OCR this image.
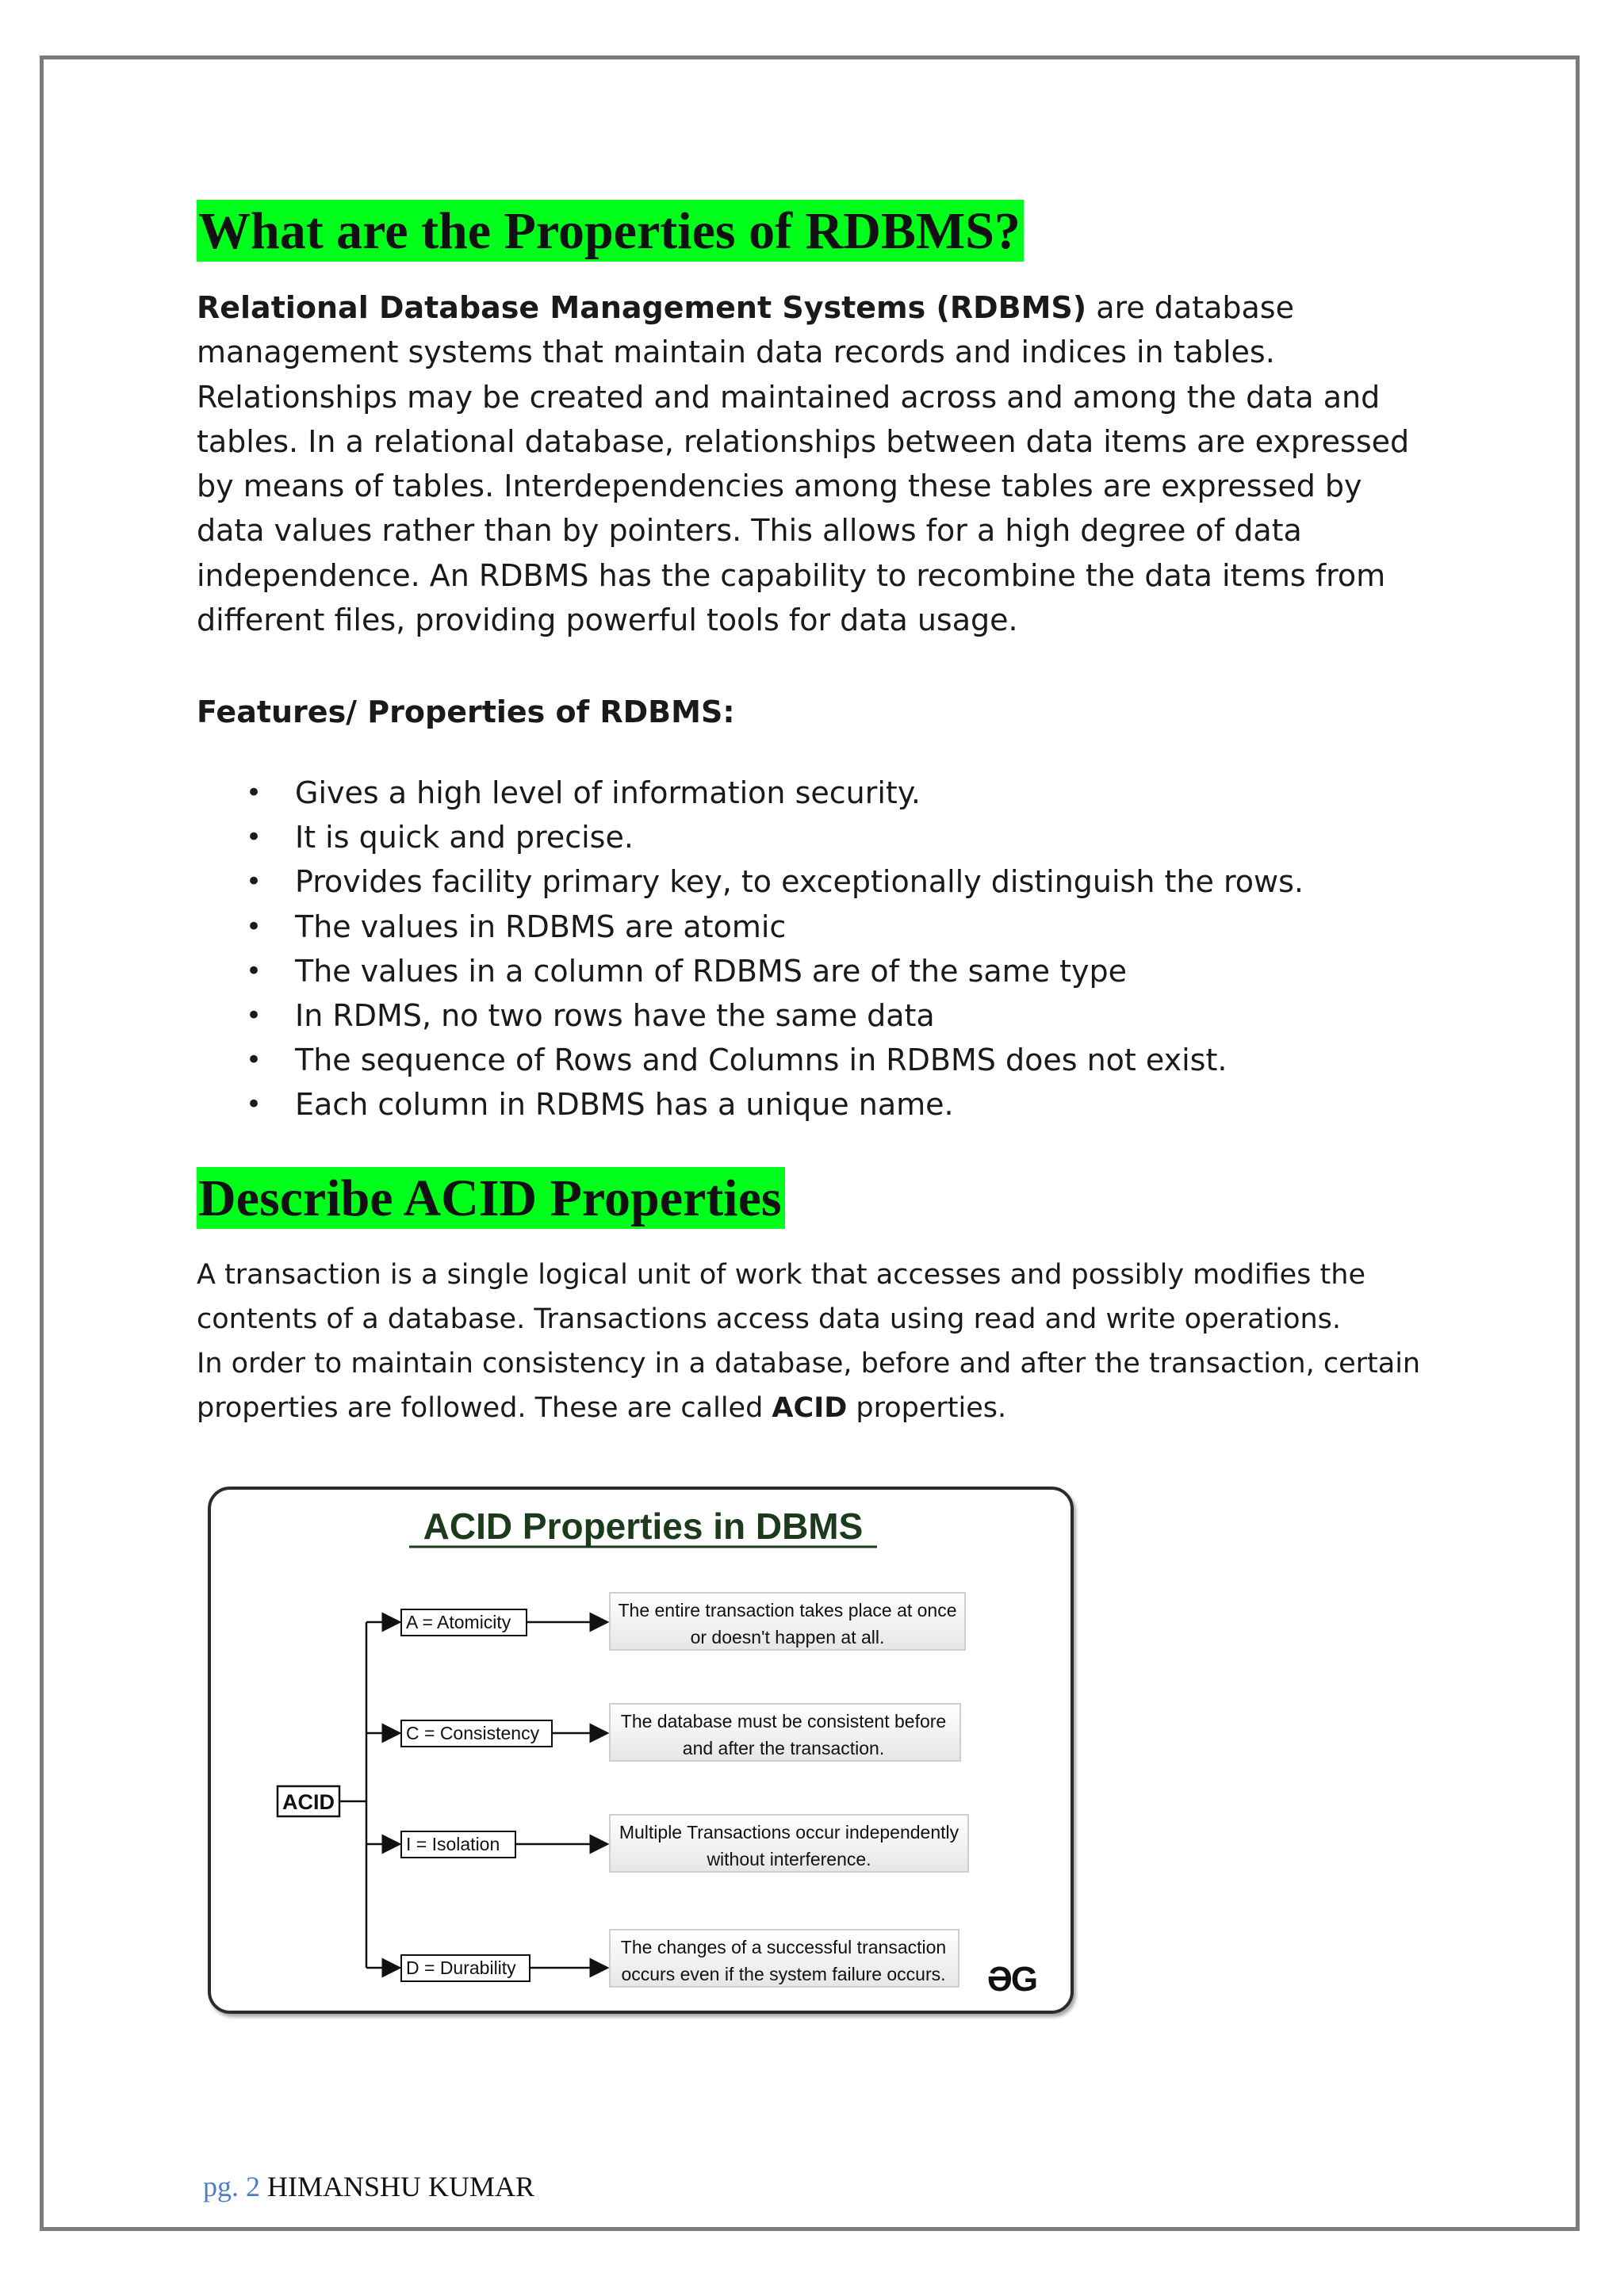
What are the Properties of RDBMS?

Relational Database Management Systems (RDBMS) are database management systems that maintain data records and indices in tables. Relationships may be created and maintained across and among the data and tables. In a relational database, relationships between data items are expressed by means of tables. Interdependencies among these tables are expressed by data values rather than by pointers. This allows for a high degree of data independence. An RDBMS has the capability to recombine the data items from different files, providing powerful tools for data usage.

Features/ Properties of RDBMS:

• Gives a high level of information security.
• It is quick and precise.
• Provides facility primary key, to exceptionally distinguish the rows.
• The values in RDBMS are atomic
• The values in a column of RDBMS are of the same type
• In RDMS, no two rows have the same data
• The sequence of Rows and Columns in RDBMS does not exist.
• Each column in RDBMS has a unique name.
Describe ACID Properties

A transaction is a single logical unit of work that accesses and possibly modifies the contents of a database. Transactions access data using read and write operations.
In order to maintain consistency in a database, before and after the transaction, certain properties are followed. These are called ACID properties.

ACID Properties in DBMS
ACID
A = Atomicity
The entire transaction takes place at once
or doesn't happen at all.
C = Consistency
The database must be consistent before
and after the transaction.
I = Isolation
Multiple Transactions occur independently
without interference.
D = Durability
The changes of a successful transaction
occurs even if the system failure occurs. ƏG

pg. 2 HIMANSHU KUMAR
